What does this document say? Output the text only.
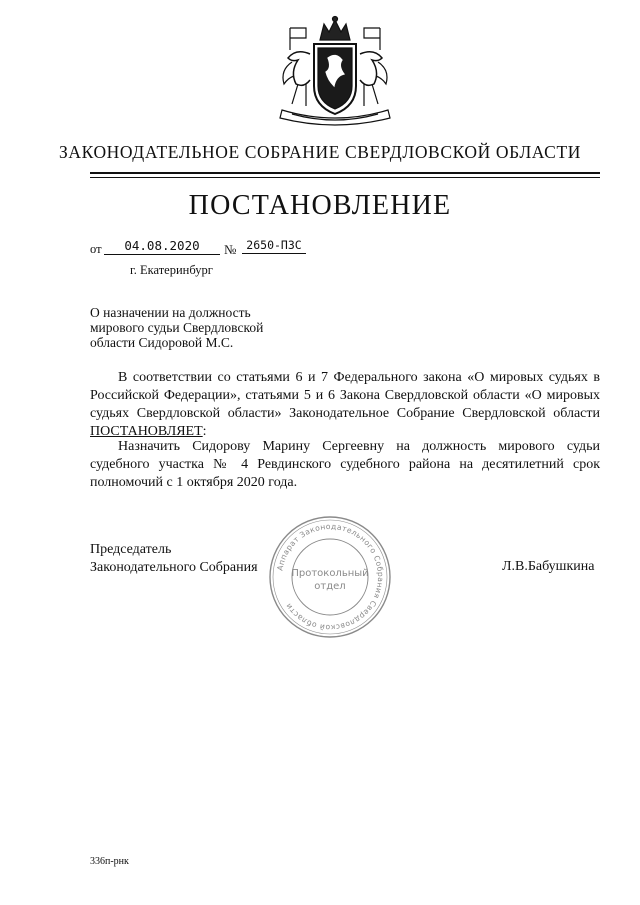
ЗАКОНОДАТЕЛЬНОЕ СОБРАНИЕ СВЕРДЛОВСКОЙ ОБЛАСТИ
ПОСТАНОВЛЕНИЕ
от	04.08.2020	№ 2650-ПЗС
г. Екатеринбург
О назначении на должность
мирового судьи Свердловской
области Сидоровой М.С.

В соответствии со статьями 6 и 7 Федерального закона «О мировых судьях в Российской Федерации», статьями 5 и 6 Закона Свердловской области «О мировых судьях Свердловской области» Законодательное Собрание Свердловской области ПОСТАНОВЛЯЕТ:

Назначить Сидорову Марину Сергеевну на должность мирового судьи судебного участка № 4 Ревдинского судебного района на десятилетний срок полномочий с 1 октября 2020 года.

Председатель
Законодательного Собрания	Л.В.Бабушкина
Аппарат Законодательного Собрания Свердловской области
Протокольный
отдел
336п-рнк
